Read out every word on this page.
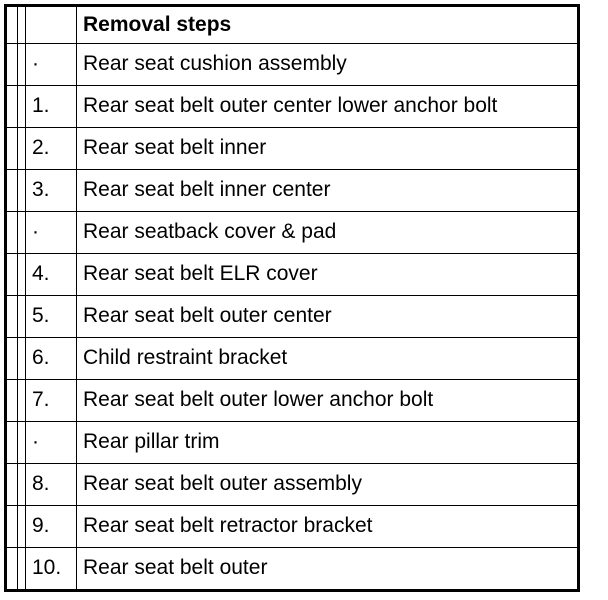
			Removal steps
		·	Rear seat cushion assembly
		1.	Rear seat belt outer center lower anchor bolt
		2.	Rear seat belt inner
		3.	Rear seat belt inner center
		·	Rear seatback cover & pad
		4.	Rear seat belt ELR cover
		5.	Rear seat belt outer center
		6.	Child restraint bracket
		7.	Rear seat belt outer lower anchor bolt
		·	Rear pillar trim
		8.	Rear seat belt outer assembly
		9.	Rear seat belt retractor bracket
		10.	Rear seat belt outer
